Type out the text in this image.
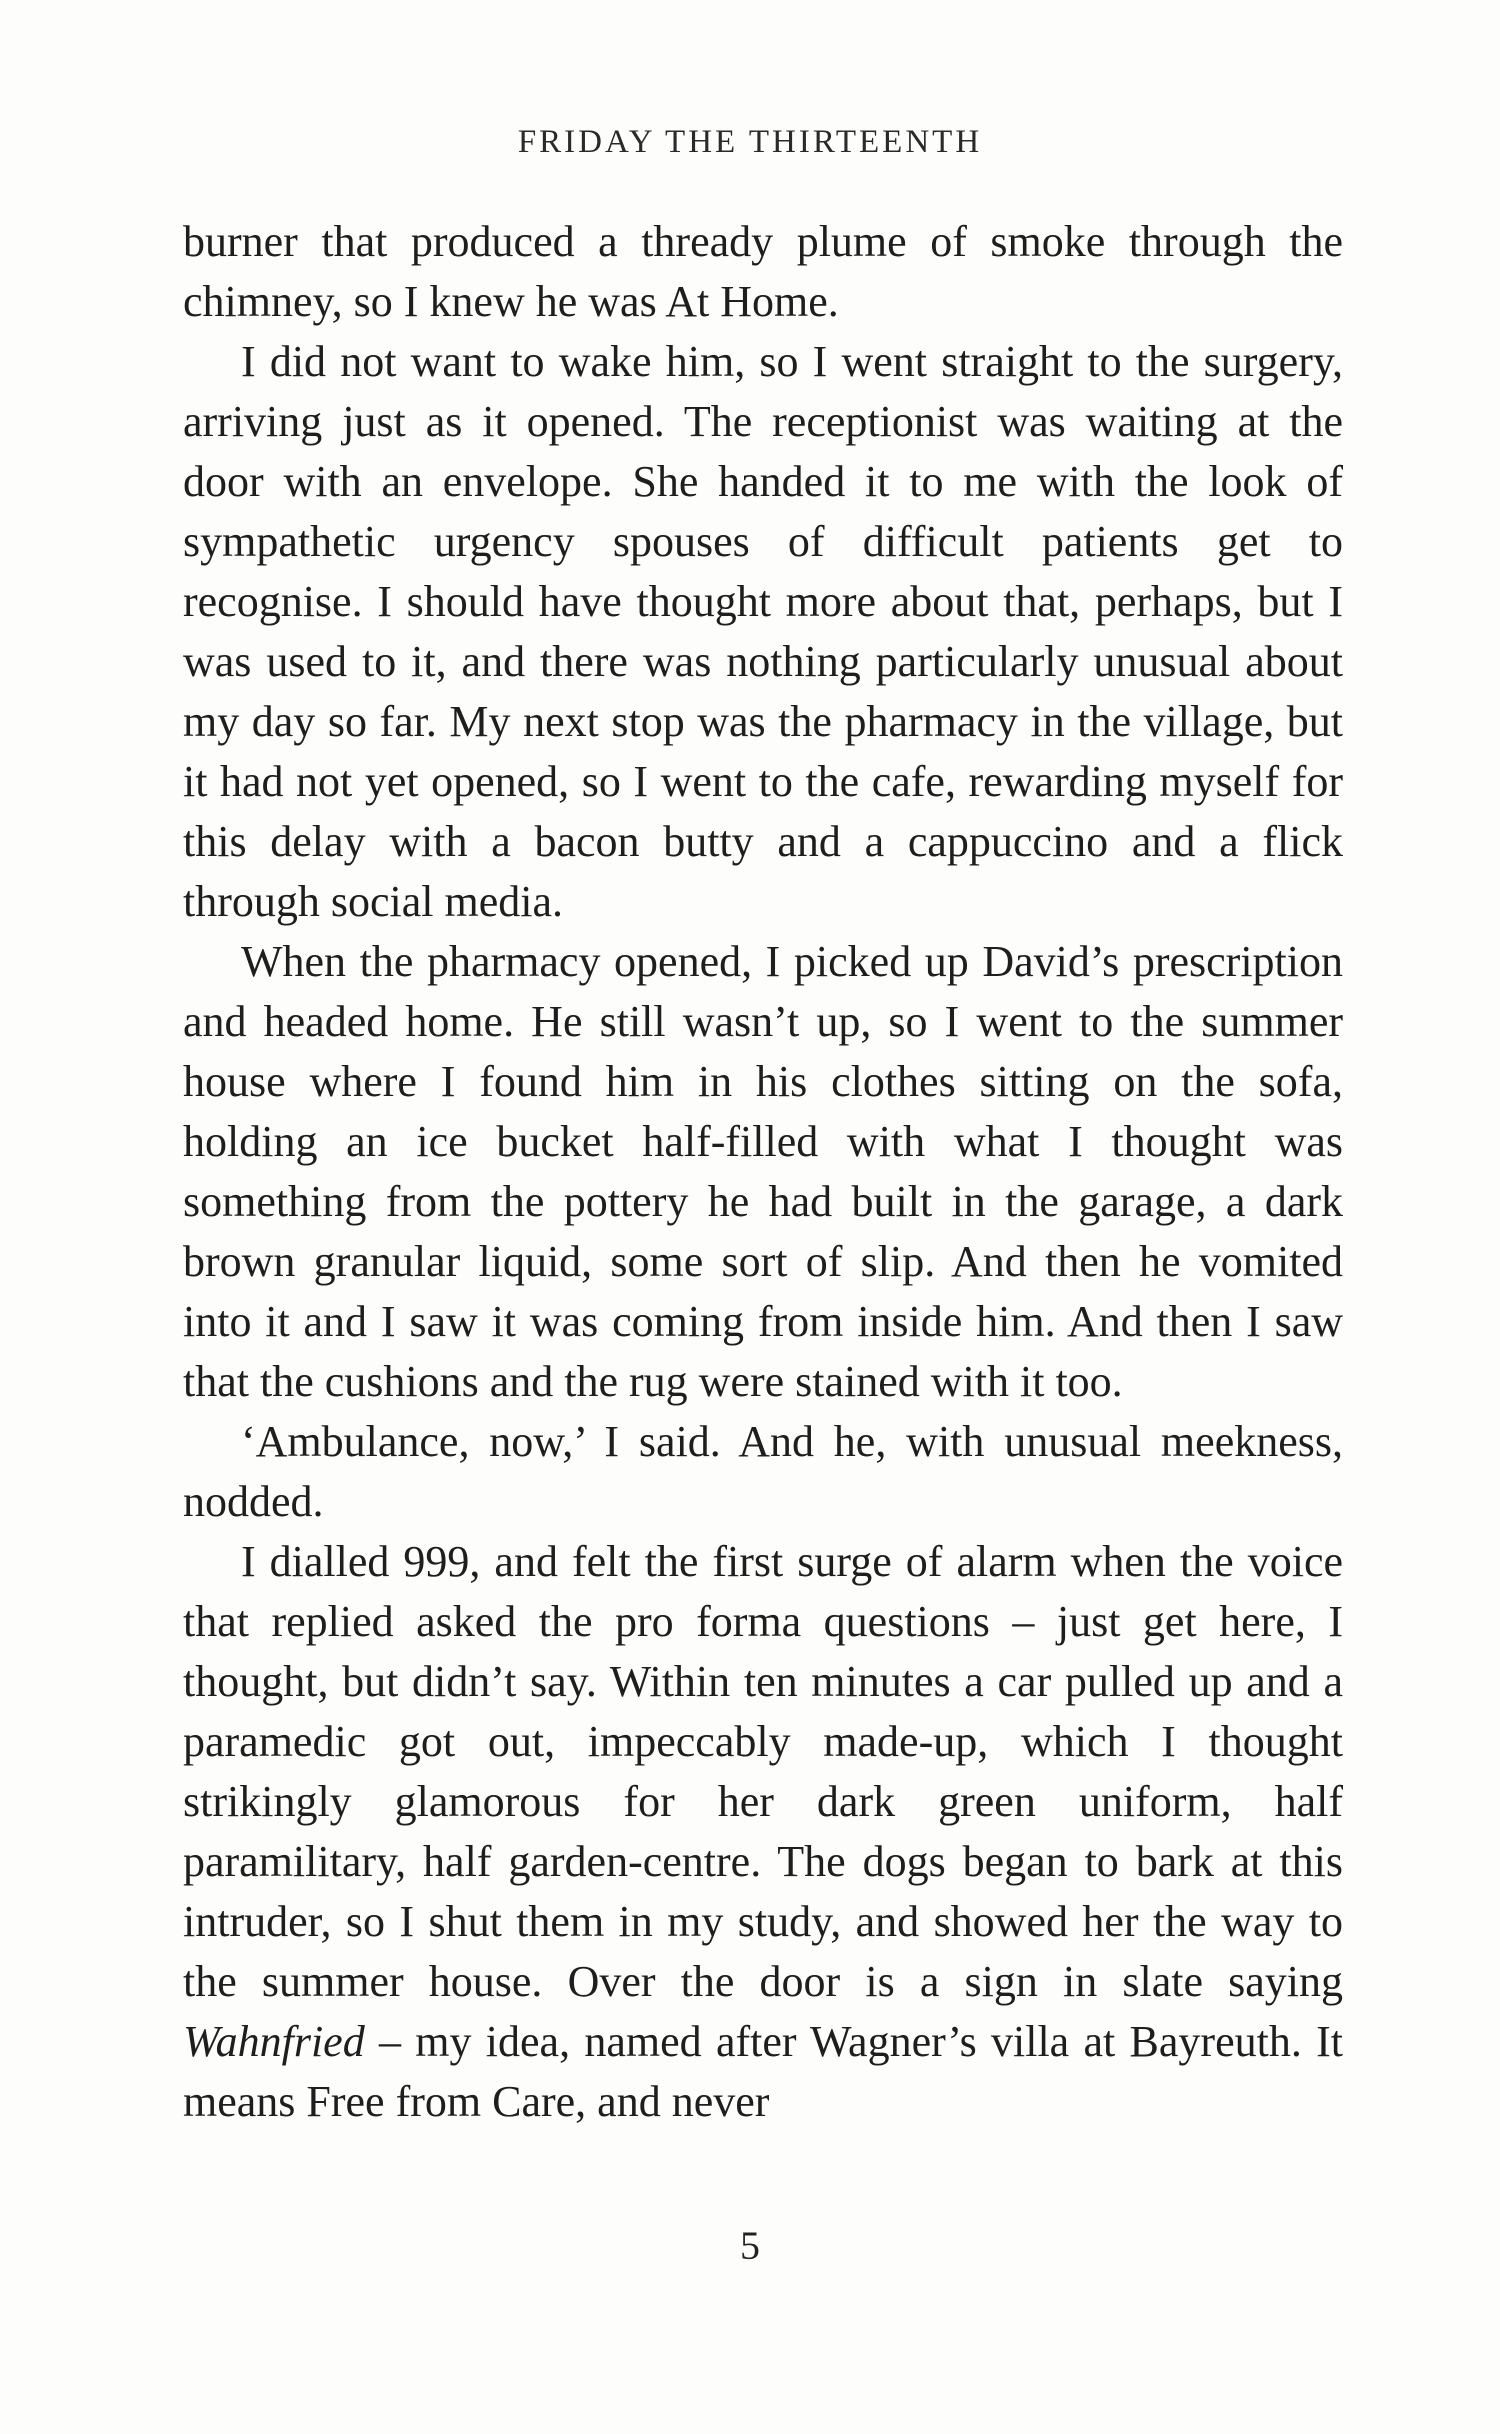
FRIDAY THE THIRTEENTH

burner that produced a thready plume of smoke through the chimney, so I knew he was At Home.

I did not want to wake him, so I went straight to the surgery, arriving just as it opened. The receptionist was waiting at the door with an envelope. She handed it to me with the look of sympathetic urgency spouses of difficult patients get to recognise. I should have thought more about that, perhaps, but I was used to it, and there was nothing particularly unusual about my day so far. My next stop was the pharmacy in the village, but it had not yet opened, so I went to the cafe, rewarding myself for this delay with a bacon butty and a cappuccino and a flick through social media.

When the pharmacy opened, I picked up David’s prescription and headed home. He still wasn’t up, so I went to the summer house where I found him in his clothes sitting on the sofa, holding an ice bucket half-filled with what I thought was something from the pottery he had built in the garage, a dark brown granular liquid, some sort of slip. And then he vomited into it and I saw it was coming from inside him. And then I saw that the cushions and the rug were stained with it too.

‘Ambulance, now,’ I said. And he, with unusual meekness, nodded.

I dialled 999, and felt the first surge of alarm when the voice that replied asked the pro forma questions – just get here, I thought, but didn’t say. Within ten minutes a car pulled up and a paramedic got out, impeccably made-up, which I thought strikingly glamorous for her dark green uniform, half paramilitary, half garden-centre. The dogs began to bark at this intruder, so I shut them in my study, and showed her the way to the summer house. Over the door is a sign in slate saying Wahnfried – my idea, named after Wagner’s villa at Bayreuth. It means Free from Care, and never

5
